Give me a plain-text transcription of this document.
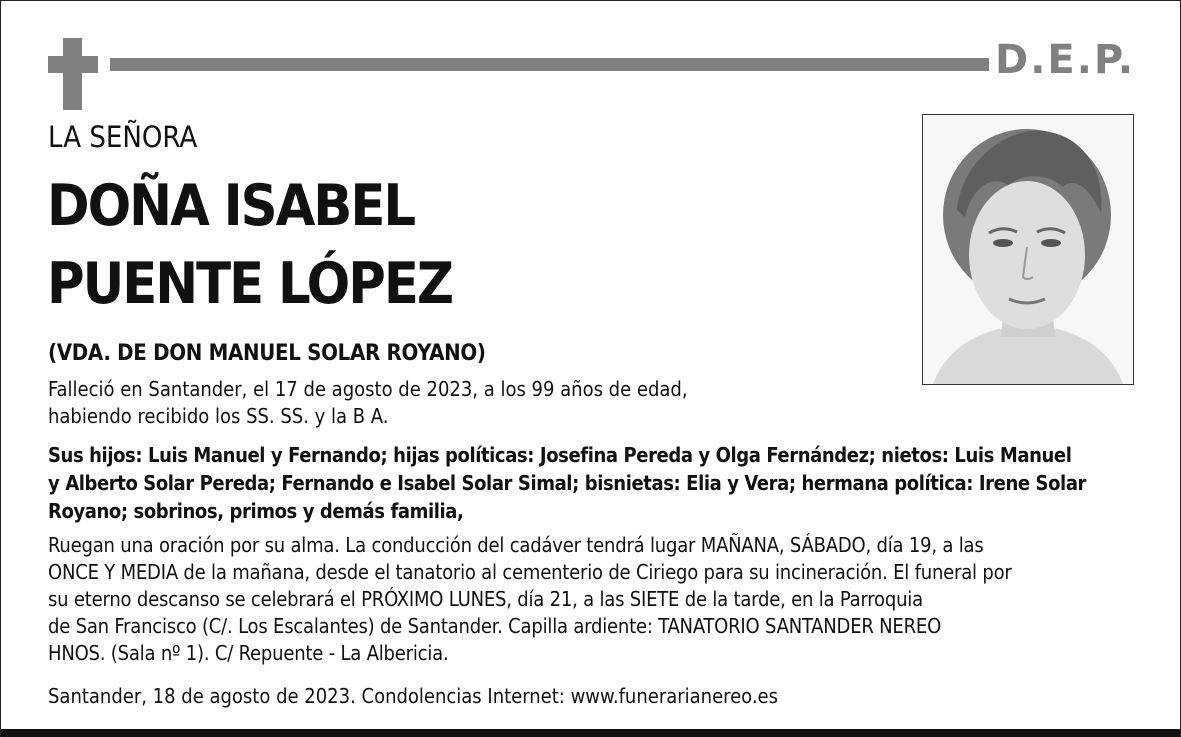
D.E.P.
LA SEÑORA
DOÑA ISABEL
PUENTE LÓPEZ
(VDA. DE DON MANUEL SOLAR ROYANO)
Falleció en Santander, el 17 de agosto de 2023, a los 99 años de edad,
habiendo recibido los SS. SS. y la B A.
Sus hijos: Luis Manuel y Fernando; hijas políticas: Josefina Pereda y Olga Fernández; nietos: Luis Manuel
y Alberto Solar Pereda; Fernando e Isabel Solar Simal; bisnietas: Elia y Vera; hermana política: Irene Solar
Royano; sobrinos, primos y demás familia,
Ruegan una oración por su alma. La conducción del cadáver tendrá lugar MAÑANA, SÁBADO, día 19, a las
ONCE Y MEDIA de la mañana, desde el tanatorio al cementerio de Ciriego para su incineración. El funeral por
su eterno descanso se celebrará el PRÓXIMO LUNES, día 21, a las SIETE de la tarde, en la Parroquia
de San Francisco (C/. Los Escalantes) de Santander. Capilla ardiente: TANATORIO SANTANDER NEREO
HNOS. (Sala nº 1). C/ Repuente - La Albericia.
Santander, 18 de agosto de 2023. Condolencias Internet: www.funerarianereo.es
